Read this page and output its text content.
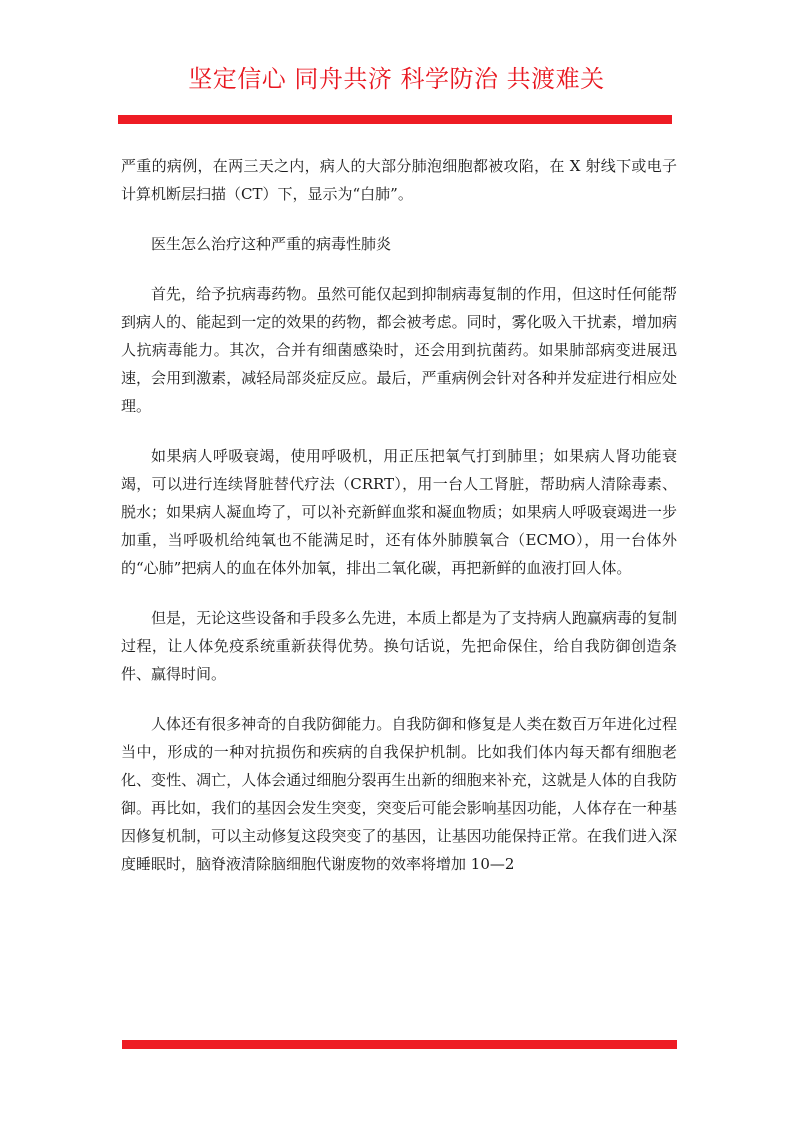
坚定信心 同舟共济 科学防治 共渡难关

严重的病例，在两三天之内，病人的大部分肺泡细胞都被攻陷，在 X 射线下或电子计算机断层扫描（CT）下，显示为“白肺”。

医生怎么治疗这种严重的病毒性肺炎

首先，给予抗病毒药物。虽然可能仅起到抑制病毒复制的作用，但这时任何能帮到病人的、能起到一定的效果的药物，都会被考虑。同时，雾化吸入干扰素，增加病人抗病毒能力。其次，合并有细菌感染时，还会用到抗菌药。如果肺部病变进展迅速，会用到激素，减轻局部炎症反应。最后，严重病例会针对各种并发症进行相应处理。

如果病人呼吸衰竭，使用呼吸机，用正压把氧气打到肺里；如果病人肾功能衰竭，可以进行连续肾脏替代疗法（CRRT），用一台人工肾脏，帮助病人清除毒素、脱水；如果病人凝血垮了，可以补充新鲜血浆和凝血物质；如果病人呼吸衰竭进一步加重，当呼吸机给纯氧也不能满足时，还有体外肺膜氧合（ECMO），用一台体外的“心肺”把病人的血在体外加氧，排出二氧化碳，再把新鲜的血液打回人体。

但是，无论这些设备和手段多么先进，本质上都是为了支持病人跑赢病毒的复制过程，让人体免疫系统重新获得优势。换句话说，先把命保住，给自我防御创造条件、赢得时间。

人体还有很多神奇的自我防御能力。自我防御和修复是人类在数百万年进化过程当中，形成的一种对抗损伤和疾病的自我保护机制。比如我们体内每天都有细胞老化、变性、凋亡，人体会通过细胞分裂再生出新的细胞来补充，这就是人体的自我防御。再比如，我们的基因会发生突变，突变后可能会影响基因功能，人体存在一种基因修复机制，可以主动修复这段突变了的基因，让基因功能保持正常。在我们进入深度睡眠时，脑脊液清除脑细胞代谢废物的效率将增加 10—2
